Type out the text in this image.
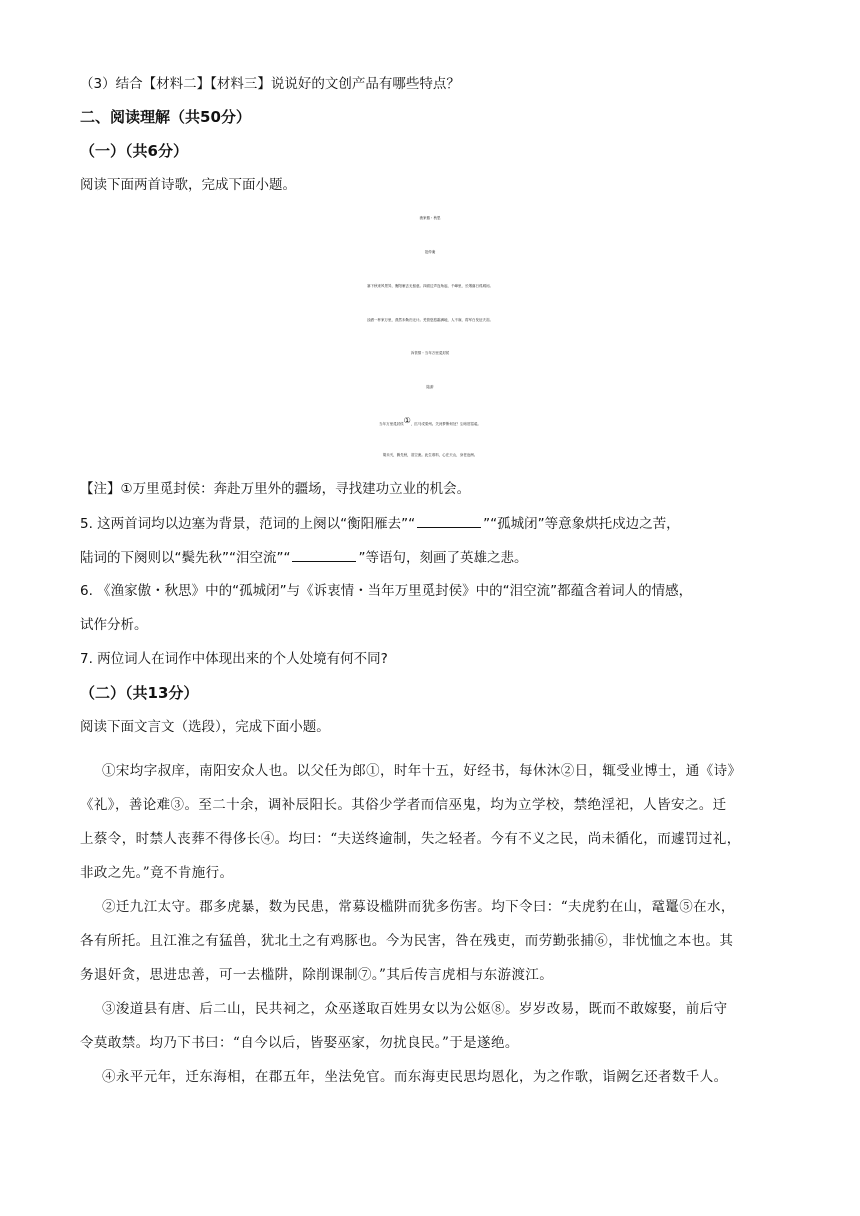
（3）结合【材料二】【材料三】说说好的文创产品有哪些特点？
二、阅读理解（共50分）
（一）（共6分）
阅读下面两首诗歌，完成下面小题。
渔家傲・秋思
范仲淹
塞下秋来风景异，衡阳雁去无留意。四面边声连角起，千嶂里，长烟落日孤城闭。
浊酒一杯家万里，燕然未勒归无计。羌管悠悠霜满地，人不寐，将军白发征夫泪。
诉衷情・当年万里觅封侯
陆游
当年万里觅封侯①，匹马戍梁州。关河梦断何处？尘暗旧貂裘。
胡未灭，鬓先秋，泪空流。此生谁料，心在天山，身老沧洲。
【注】①万里觅封侯：奔赴万里外的疆场，寻找建功立业的机会。
5. 这两首词均以边塞为背景，范词的上阕以“衡阳雁去”“	”“孤城闭”等意象烘托戍边之苦，
陆词的下阕则以“鬓先秋”“泪空流”“	”等语句，刻画了英雄之悲。
6. 《渔家傲・秋思》中的“孤城闭”与《诉衷情・当年万里觅封侯》中的“泪空流”都蕴含着词人的情感，
试作分析。
7. 两位词人在词作中体现出来的个人处境有何不同?
（二）（共13分）
阅读下面文言文（选段），完成下面小题。
①宋均字叔庠，南阳安众人也。以父任为郎①，时年十五，好经书，每休沐②日，辄受业博士，通《诗》
《礼》，善论难③。至二十余，调补辰阳长。其俗少学者而信巫鬼，均为立学校，禁绝淫祀，人皆安之。迁
上蔡令，时禁人丧葬不得侈长④。均曰：“夫送终逾制，失之轻者。今有不义之民，尚未循化，而遽罚过礼，
非政之先。”竟不肯施行。
②迁九江太守。郡多虎暴，数为民患，常募设槛阱而犹多伤害。均下令曰：“夫虎豹在山，鼋鼍⑤在水，
各有所托。且江淮之有猛兽，犹北土之有鸡豚也。今为民害，咎在残吏，而劳勤张捕⑥，非忧恤之本也。其
务退奸贪，思进忠善，可一去槛阱，除削课制⑦。”其后传言虎相与东游渡江。
③浚道县有唐、后二山，民共祠之，众巫遂取百姓男女以为公妪⑧。岁岁改易，既而不敢嫁娶，前后守
令莫敢禁。均乃下书曰：“自今以后，皆娶巫家，勿扰良民。”于是遂绝。
④永平元年，迁东海相，在郡五年，坐法免官。而东海吏民思均恩化，为之作歌，诣阙乞还者数千人。
